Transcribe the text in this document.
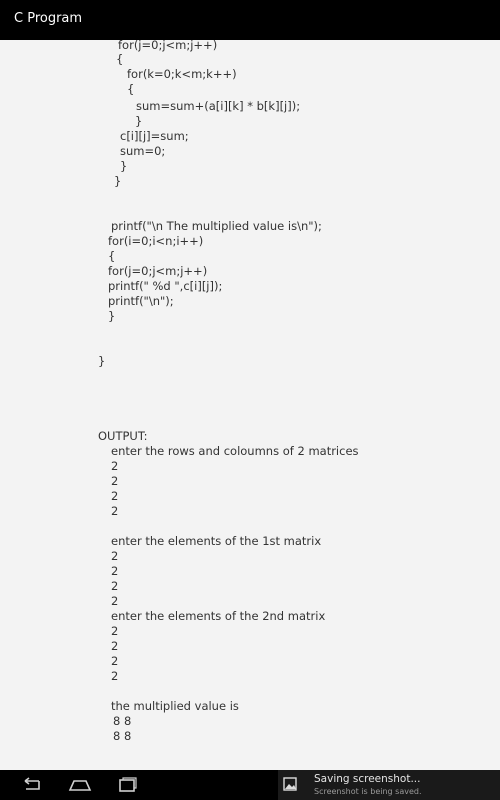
C Program
for(j=0;j<m;j++)
{
for(k=0;k<m;k++)
{
sum=sum+(a[i][k] * b[k][j]);
}
c[i][j]=sum;
sum=0;
}
}
printf("\n The multiplied value is\n");
for(i=0;i<n;i++)
{
for(j=0;j<m;j++)
printf(" %d ",c[i][j]);
printf("\n");
}
}
OUTPUT:
enter the rows and coloumns of 2 matrices
2
2
2
2
enter the elements of the 1st matrix
2
2
2
2
enter the elements of the 2nd matrix
2
2
2
2
the multiplied value is
8 8
8 8
Saving screenshot...
Screenshot is being saved.
